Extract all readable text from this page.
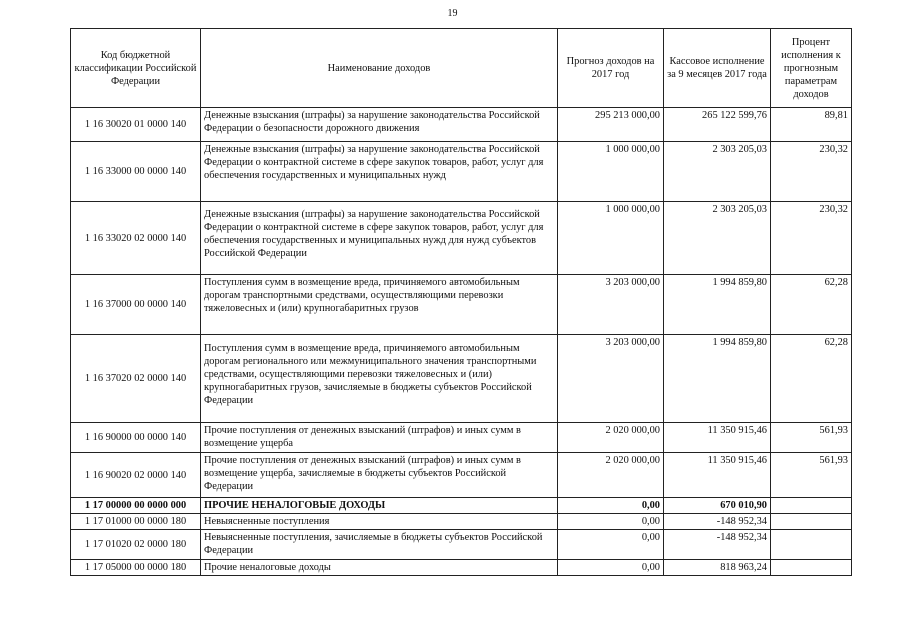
19
Код бюджетной классификации Российской Федерации	Наименование доходов	Прогноз доходов на 2017 год	Кассовое исполнение за 9 месяцев 2017 года	Процент исполнения к прогнозным параметрам доходов
1 16 30020 01 0000 140	Денежные взыскания (штрафы) за нарушение законодательства Российской Федерации о безопасности дорожного движения	295 213 000,00	265 122 599,76	89,81
1 16 33000 00 0000 140	Денежные взыскания (штрафы) за нарушение законодательства Российской Федерации о контрактной системе в сфере закупок товаров, работ, услуг для обеспечения государственных и муниципальных нужд	1 000 000,00	2 303 205,03	230,32
1 16 33020 02 0000 140	Денежные взыскания (штрафы) за нарушение законодательства Российской Федерации о контрактной системе в сфере закупок товаров, работ, услуг для обеспечения государственных и муниципальных нужд для нужд субъектов Российской Федерации	1 000 000,00	2 303 205,03	230,32
1 16 37000 00 0000 140	Поступления сумм в возмещение вреда, причиняемого автомобильным дорогам транспортными средствами, осуществляющими перевозки тяжеловесных и (или) крупногабаритных грузов	3 203 000,00	1 994 859,80	62,28
1 16 37020 02 0000 140	Поступления сумм в возмещение вреда, причиняемого автомобильным дорогам регионального или межмуниципального значения транспортными средствами, осуществляющими перевозки тяжеловесных и (или) крупногабаритных грузов, зачисляемые в бюджеты субъектов Российской Федерации	3 203 000,00	1 994 859,80	62,28
1 16 90000 00 0000 140	Прочие поступления от денежных взысканий (штрафов) и иных сумм в возмещение ущерба	2 020 000,00	11 350 915,46	561,93
1 16 90020 02 0000 140	Прочие поступления от денежных взысканий (штрафов) и иных сумм в возмещение ущерба, зачисляемые в бюджеты субъектов Российской Федерации	2 020 000,00	11 350 915,46	561,93
1 17 00000 00 0000 000	ПРОЧИЕ НЕНАЛОГОВЫЕ ДОХОДЫ	0,00	670 010,90	
1 17 01000 00 0000 180	Невыясненные поступления	0,00	-148 952,34	
1 17 01020 02 0000 180	Невыясненные поступления, зачисляемые в бюджеты субъектов Российской Федерации	0,00	-148 952,34	
1 17 05000 00 0000 180	Прочие неналоговые доходы	0,00	818 963,24	
